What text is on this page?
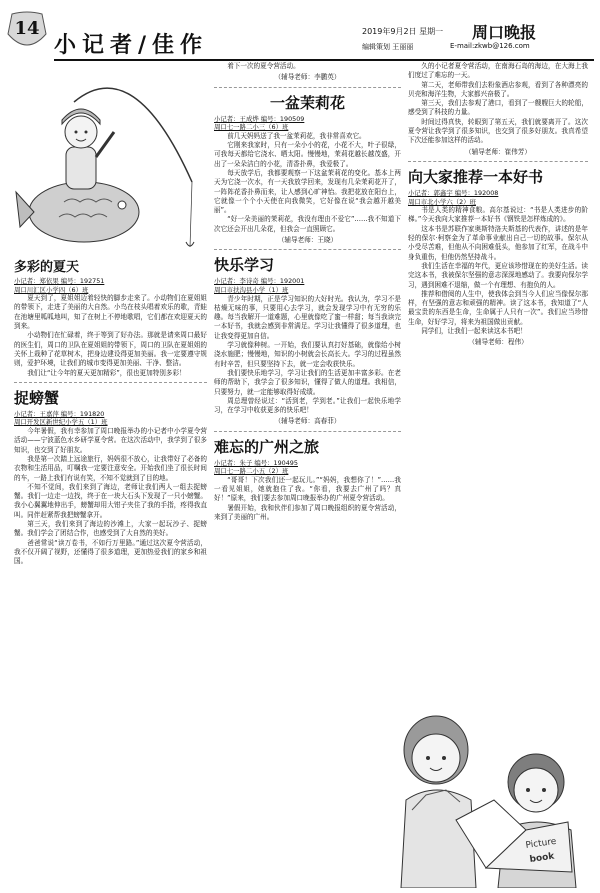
14
小记者/佳作
2019年9月2日 星期一 周口晚报
编辑策划 王丽丽	E-mail:zkwb@126.com
多彩的夏天
小记者：郑依果 编号：192751
周口川汇区小学四（6）班

夏天到了，夏姐姐迈着轻快的脚步走来了。小动物们在夏姐姐的带领下，走进了美丽的大自然。小鸟在枝头唱着欢乐的歌，青蛙在池塘里呱呱地叫，知了在树上不停地歌唱，它们都在欢迎夏天的到来。

小动物们在忙碌着，终于等到了好办法。那就是请来周口最好的医生们，周口的卫队在夏姐姐的带领下，周口的卫队在夏姐姐的关怀上栽种了花草树木，把身边建设得更加美丽。我一定要遵守规则，爱护环境，让我们的城市变得更加美丽、干净、整洁。

我们让“让今年的夏天更加精彩”，很也更加特别多彩！

捉螃蟹
小记者：王嘉萍 编号：191820
周口开发区新世纪小学五（1）班

今年暑假，我有幸参加了周口晚报举办的小记者中小学夏令营活动——宁波蓝色水乡研学夏令营。在这次活动中，我学到了很多知识，也交到了好朋友。

我是第一次踏上远途旅行，妈妈很不放心，让我带好了必备的衣物和生活用品，叮嘱我一定要注意安全。开始我们坐了很长时间的车，一路上我们有说有笑，不知不觉就到了目的地。

不知不觉间，我们来到了海边，老师让我们两人一组去捉螃蟹。我们一边走一边找，终于在一块大石头下发现了一只小螃蟹。我小心翼翼地伸出手，螃蟹却用大钳子夹住了我的手指，疼得我直叫。同伴赶紧帮我把螃蟹拿开。

第三天，我们来到了海边的沙滩上，大家一起玩沙子、捉螃蟹。我们学会了团结合作，也感受到了大自然的美好。

爸爸常说“读万卷书，不如行万里路。”通过这次夏令营活动，我不仅开阔了视野，还懂得了很多道理，更加热爱我们的家乡和祖国。

着下一次的夏令营活动。

（辅导老师：李鹏英）
一盆茉莉花
小记者：王成烨 编号：190509
周口七一路二小三（6）班

前几天妈妈送了我一盆茉莉花，我非常喜欢它。

它刚来我家时，只有一朵小小的花，小花不大，叶子很绿，可我每天都给它浇水、晒太阳。慢慢地，茉莉花越长越茂盛，开出了一朵朵洁白的小花，清香扑鼻，我爱极了。

每天放学后，我都要观察一下这盆茉莉花的变化。基本上两天为它浇一次水，有一天我放学回来，发现有几朵茉莉花开了，一阵阵花香扑鼻而来，让人感到心旷神怡。我把花放在阳台上，它就像一个个小天使在向我微笑，它好像在说“我会越开越美丽”。

“好一朵美丽的茉莉花，我没有理由不爱它”……我不知道下次它还会开出几朵花，但我会一直照顾它。

（辅导老师：王晓）
快乐学习
小记者：李诗奇 编号：192001
周口市扶沟县小学（1）班

青少年时期，正是学习知识的大好时光。我认为，学习不是枯燥无味的事，只要用心去学习，就会发现学习中有无穷的乐趣。每当我解开一道难题，心里就像吃了蜜一样甜；每当我读完一本好书，我就会感到非常满足。学习让我懂得了很多道理，也让我变得更加自信。

学习就像种树。一开始，我们要认真打好基础，就像给小树浇水施肥；慢慢地，知识的小树就会长高长大。学习的过程虽然有时辛苦，但只要坚持下去，就一定会收获快乐。

我们要快乐地学习，学习让我们的生活更加丰富多彩。在老师的帮助下，我学会了很多知识，懂得了做人的道理。我相信，只要努力，就一定能够取得好成绩。

周总理曾经说过：“活到老，学到老。”让我们一起快乐地学习，在学习中收获更多的快乐吧！

（辅导老师：高春菲）
难忘的广州之旅
小记者：朱子 编号：190495
周口七一路二小五（2）班

“哥哥！下次我们还一起玩儿。”“妈妈，我想你了！”……我一看见姐姐，她就抱住了我。“你看，我要去广州了吗？真好！”原来，我们要去参加周口晚报举办的广州夏令营活动。

暑假开始，我和伙伴们参加了周口晚报组织的夏令营活动，来到了美丽的广州。

久的小记者夏令营活动，在南海石岛的海边，在大海上我们度过了难忘的一天。

第二天，老师带我们去粉象酒店参观，看到了各种漂亮的贝壳和海洋生物，大家都兴奋极了。

第三天，我们去参观了港口，看到了一艘艘巨大的轮船，感受到了科技的力量。

时间过得真快，转眼到了第五天，我们就要离开了。这次夏令营让我学到了很多知识，也交到了很多好朋友。我真希望下次还能参加这样的活动。

（辅导老师：崔伟芳）
向大家推荐一本好书
小记者：郭鑫宇 编号：192008
周口市北小学六（2）班

书是人类的精神食粮。高尔基说过：“书是人类进步的阶梯。”今天我向大家推荐一本好书《钢铁是怎样炼成的》。

这本书是苏联作家奥斯特洛夫斯基的代表作，讲述的是年轻的保尔·柯察金为了革命事业献出自己一切的故事。保尔从小受尽苦难，但他从不向困难低头，他参加了红军，在战斗中身负重伤，但他仍然坚持战斗。

我们生活在幸福的年代，更应该珍惜现在的美好生活。读完这本书，我被保尔坚强的意志深深地感动了。我要向保尔学习，遇到困难不退缩，做一个有理想、有抱负的人。

推荐和借阅的人生中，使我体会到当今人们应当像保尔那样，有坚强的意志和顽强的精神。读了这本书，我知道了“人最宝贵的东西是生命，生命属于人只有一次”。我们应当珍惜生命，好好学习，将来为祖国做出贡献。

同学们，让我们一起来读这本书吧！

（辅导老师：程伟）
Picture
book
